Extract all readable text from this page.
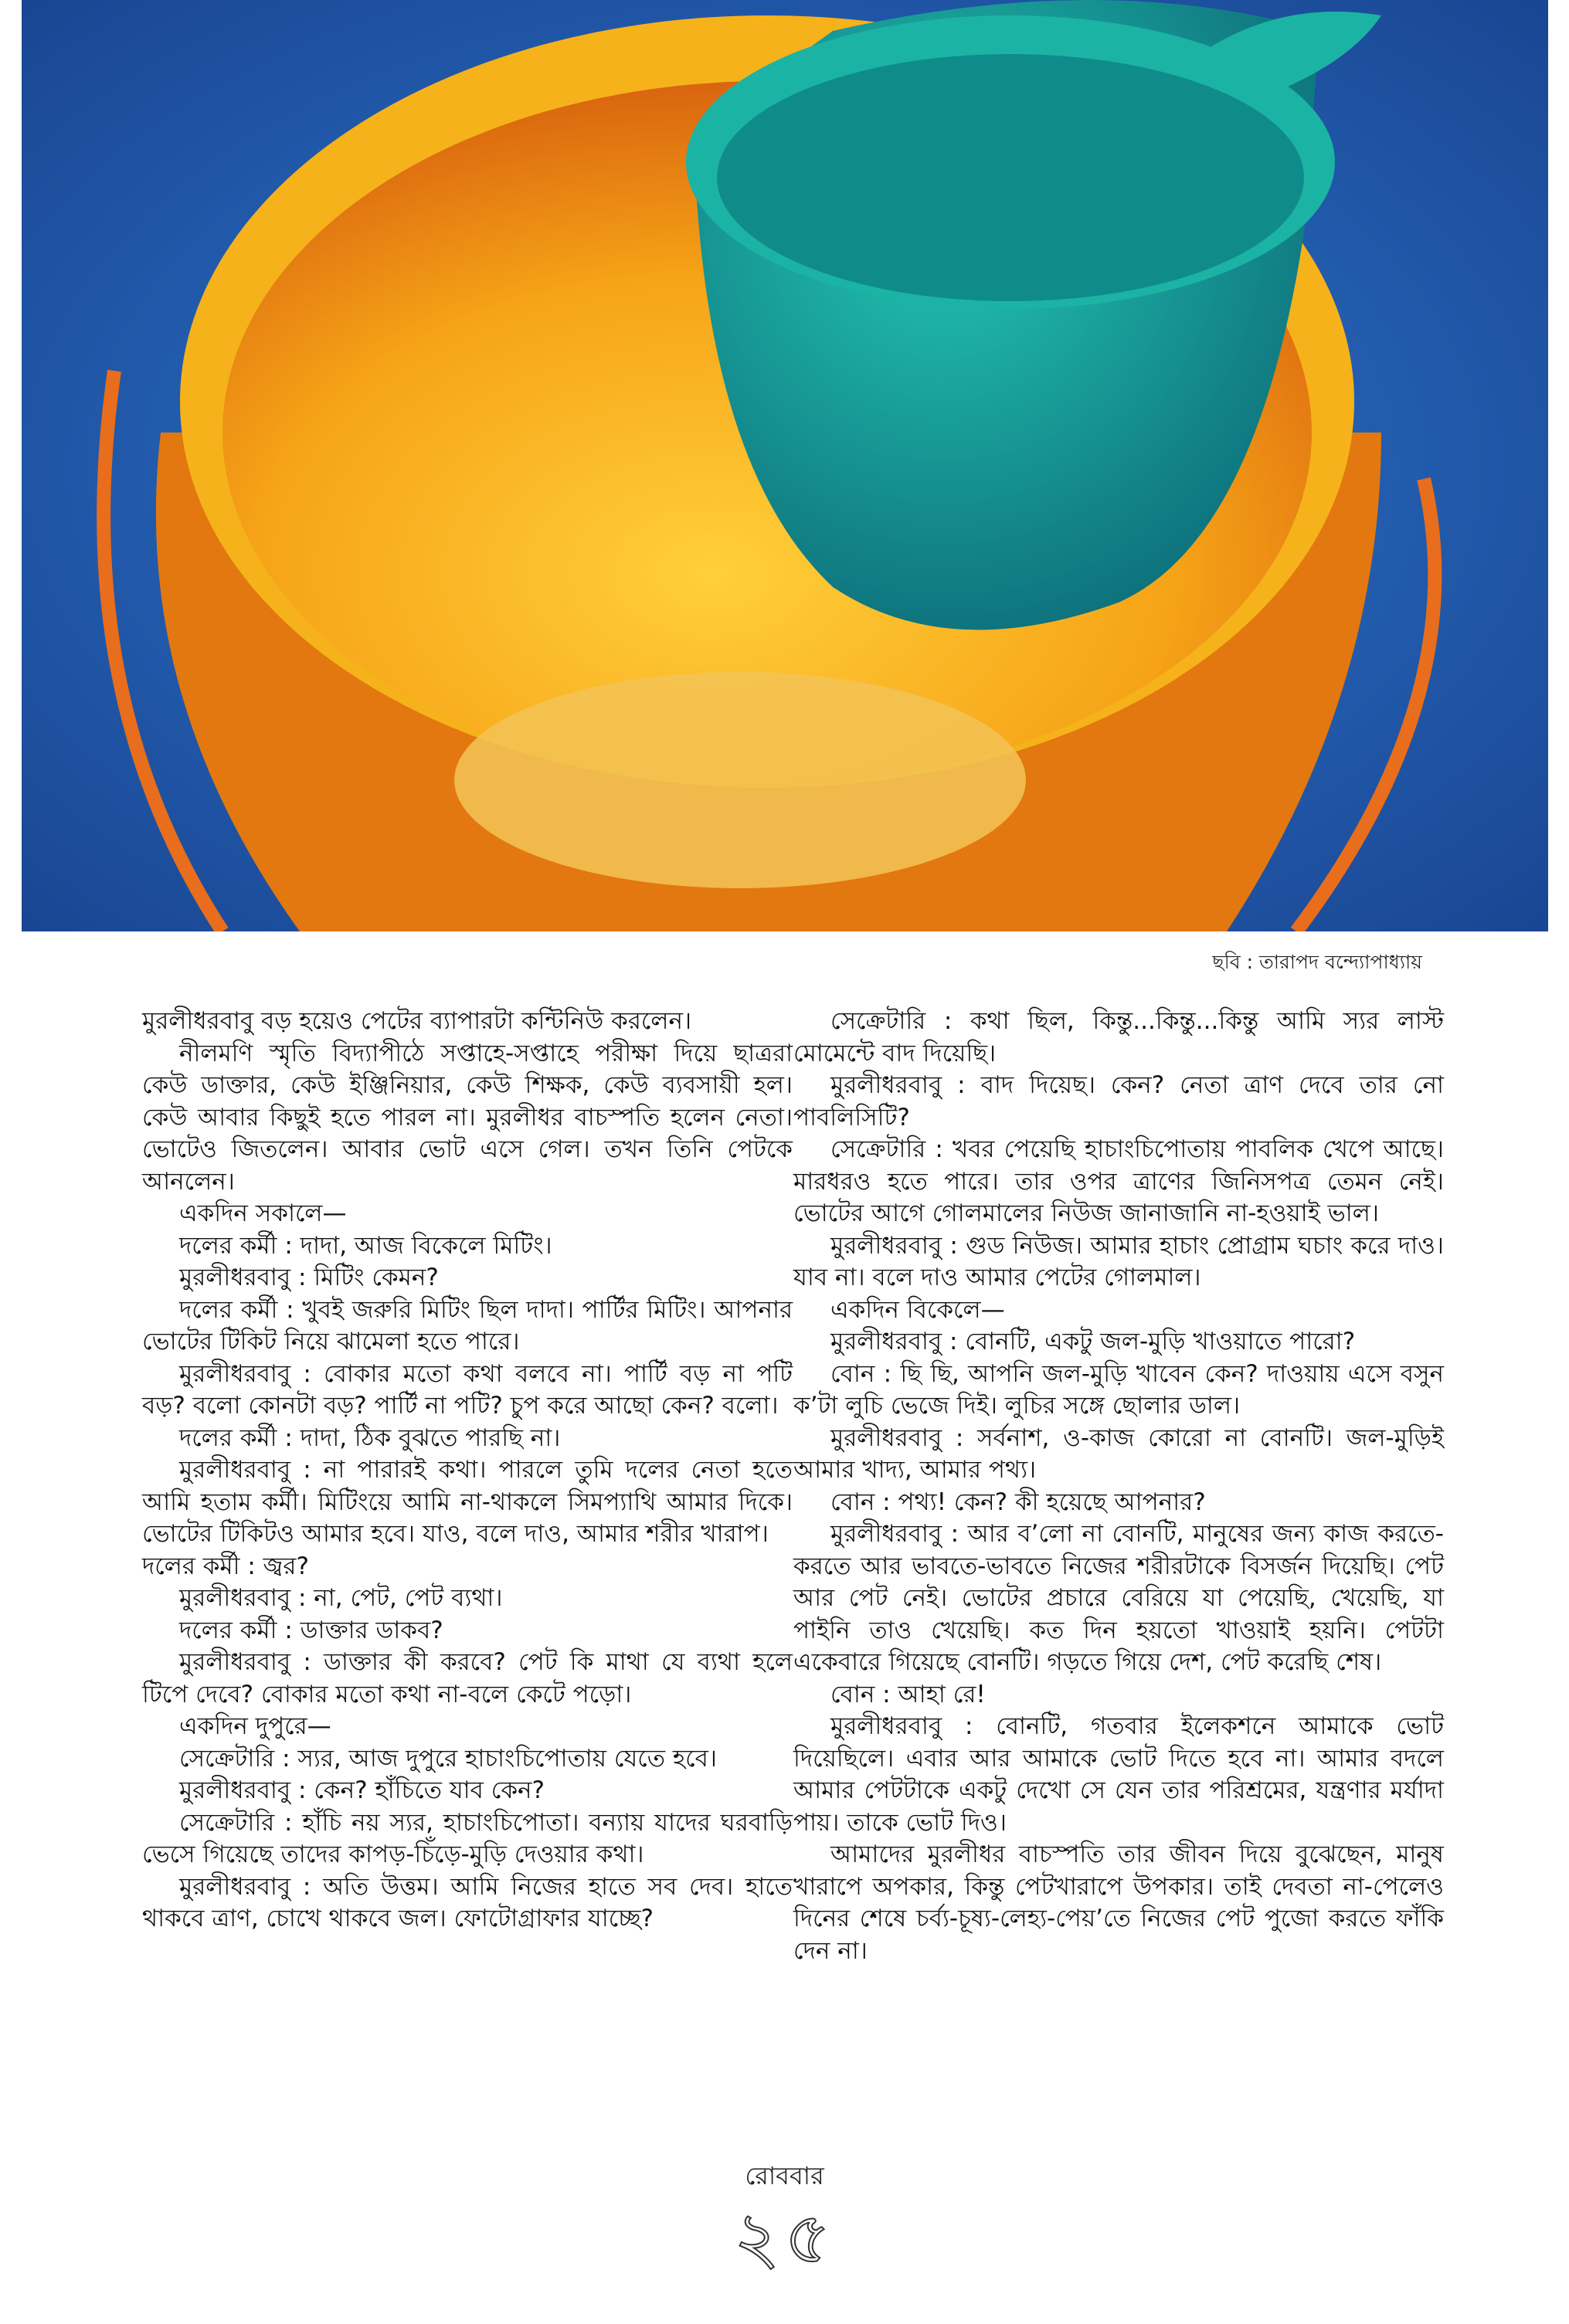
ছবি : তারাপদ বন্দ্যোপাধ্যায়

মুরলীধরবাবু বড় হয়েও পেটের ব্যাপারটা কন্টিনিউ করলেন।

নীলমণি স্মৃতি বিদ্যাপীঠে সপ্তাহে-সপ্তাহে পরীক্ষা দিয়ে ছাত্ররা কেউ ডাক্তার, কেউ ইঞ্জিনিয়ার, কেউ শিক্ষক, কেউ ব্যবসায়ী হল। কেউ আবার কিছুই হতে পারল না। মুরলীধর বাচস্পতি হলেন নেতা। ভোটেও জিতলেন। আবার ভোট এসে গেল। তখন তিনি পেটকে আনলেন।

একদিন সকালে—

দলের কর্মী : দাদা, আজ বিকেলে মিটিং।

মুরলীধরবাবু : মিটিং কেমন?

দলের কর্মী : খুবই জরুরি মিটিং ছিল দাদা। পার্টির মিটিং। আপনার ভোটের টিকিট নিয়ে ঝামেলা হতে পারে।

মুরলীধরবাবু : বোকার মতো কথা বলবে না। পার্টি বড় না পটি বড়? বলো কোনটা বড়? পার্টি না পটি? চুপ করে আছো কেন? বলো।

দলের কর্মী : দাদা, ঠিক বুঝতে পারছি না।

মুরলীধরবাবু : না পারারই কথা। পারলে তুমি দলের নেতা হতে আমি হতাম কর্মী। মিটিংয়ে আমি না-থাকলে সিমপ্যাথি আমার দিকে। ভোটের টিকিটও আমার হবে। যাও, বলে দাও, আমার শরীর খারাপ।

দলের কর্মী : জ্বর?

মুরলীধরবাবু : না, পেট, পেট ব্যথা।

দলের কর্মী : ডাক্তার ডাকব?

মুরলীধরবাবু : ডাক্তার কী করবে? পেট কি মাথা যে ব্যথা হলে টিপে দেবে? বোকার মতো কথা না-বলে কেটে পড়ো।

একদিন দুপুরে—

সেক্রেটারি : স্যর, আজ দুপুরে হাচাংচিপোতায় যেতে হবে।

মুরলীধরবাবু : কেন? হাঁচিতে যাব কেন?

সেক্রেটারি : হাঁচি নয় স্যর, হাচাংচিপোতা। বন্যায় যাদের ঘরবাড়ি ভেসে গিয়েছে তাদের কাপড়-চিঁড়ে-মুড়ি দেওয়ার কথা।

মুরলীধরবাবু : অতি উত্তম। আমি নিজের হাতে সব দেব। হাতে থাকবে ত্রাণ, চোখে থাকবে জল। ফোটোগ্রাফার যাচ্ছে?

সেক্রেটারি : কথা ছিল, কিন্তু...কিন্তু...কিন্তু আমি স্যর লাস্ট মোমেন্টে বাদ দিয়েছি।

মুরলীধরবাবু : বাদ দিয়েছ। কেন? নেতা ত্রাণ দেবে তার নো পাবলিসিটি?

সেক্রেটারি : খবর পেয়েছি হাচাংচিপোতায় পাবলিক খেপে আছে। মারধরও হতে পারে। তার ওপর ত্রাণের জিনিসপত্র তেমন নেই। ভোটের আগে গোলমালের নিউজ জানাজানি না-হওয়াই ভাল।

মুরলীধরবাবু : গুড নিউজ। আমার হাচাং প্রোগ্রাম ঘচাং করে দাও। যাব না। বলে দাও আমার পেটের গোলমাল।

একদিন বিকেলে—

মুরলীধরবাবু : বোনটি, একটু জল-মুড়ি খাওয়াতে পারো?

বোন : ছি ছি, আপনি জল-মুড়ি খাবেন কেন? দাওয়ায় এসে বসুন ক’টা লুচি ভেজে দিই। লুচির সঙ্গে ছোলার ডাল।

মুরলীধরবাবু : সর্বনাশ, ও-কাজ কোরো না বোনটি। জল-মুড়িই আমার খাদ্য, আমার পথ্য।

বোন : পথ্য! কেন? কী হয়েছে আপনার?

মুরলীধরবাবু : আর ব’লো না বোনটি, মানুষের জন্য কাজ করতে-করতে আর ভাবতে-ভাবতে নিজের শরীরটাকে বিসর্জন দিয়েছি। পেট আর পেট নেই। ভোটের প্রচারে বেরিয়ে যা পেয়েছি, খেয়েছি, যা পাইনি তাও খেয়েছি। কত দিন হয়তো খাওয়াই হয়নি। পেটটা একেবারে গিয়েছে বোনটি। গড়তে গিয়ে দেশ, পেট করেছি শেষ।

বোন : আহা রে!

মুরলীধরবাবু : বোনটি, গতবার ইলেকশনে আমাকে ভোট দিয়েছিলে। এবার আর আমাকে ভোট দিতে হবে না। আমার বদলে আমার পেটটাকে একটু দেখো সে যেন তার পরিশ্রমের, যন্ত্রণার মর্যাদা পায়। তাকে ভোট দিও।

আমাদের মুরলীধর বাচস্পতি তার জীবন দিয়ে বুঝেছেন, মানুষ খারাপে অপকার, কিন্তু পেটখারাপে উপকার। তাই দেবতা না-পেলেও দিনের শেষে চর্ব্য-চূষ্য-লেহ্য-পেয়’তে নিজের পেট পুজো করতে ফাঁকি দেন না।

রোববার
২৫
